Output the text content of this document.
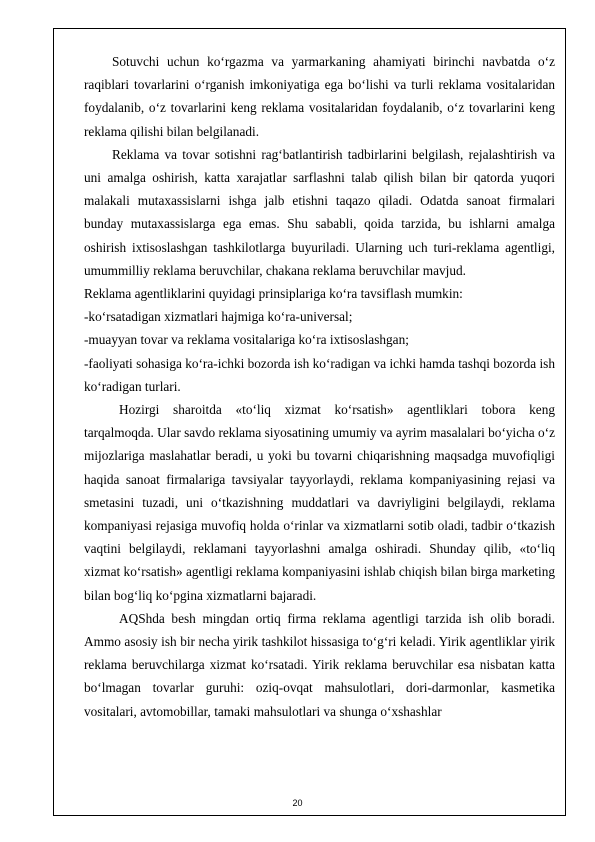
Sotuvchi uchun ko‘rgazma va yarmarkaning ahamiyati birinchi navbatda o‘z raqiblari tovarlarini o‘rganish imkoniyatiga ega bo‘lishi va turli reklama vositalaridan foydalanib, o‘z tovarlarini keng reklama vositalaridan foydalanib, o‘z tovarlarini keng reklama qilishi bilan belgilanadi.

Reklama va tovar sotishni rag‘batlantirish tadbirlarini belgilash, rejalashtirish va uni amalga oshirish, katta xarajatlar sarflashni talab qilish bilan bir qatorda yuqori malakali mutaxassislarni ishga jalb etishni taqazo qiladi. Odatda sanoat firmalari bunday mutaxassislarga ega emas. Shu sababli, qoida tarzida, bu ishlarni amalga oshirish ixtisoslashgan tashkilotlarga buyuriladi. Ularning uch turi-reklama agentligi, umummilliy reklama beruvchilar, chakana reklama beruvchilar mavjud.

Reklama agentliklarini quyidagi prinsiplariga ko‘ra tavsiflash mumkin:

-ko‘rsatadigan xizmatlari hajmiga ko‘ra-universal;

-muayyan tovar va reklama vositalariga ko‘ra ixtisoslashgan;

-faoliyati sohasiga ko‘ra-ichki bozorda ish ko‘radigan va ichki hamda tashqi bozorda ish ko‘radigan turlari.

Hozirgi sharoitda «to‘liq xizmat ko‘rsatish» agentliklari tobora keng tarqalmoqda. Ular savdo reklama siyosatining umumiy va ayrim masalalari bo‘yicha o‘z mijozlariga maslahatlar beradi, u yoki bu tovarni chiqarishning maqsadga muvofiqligi haqida sanoat firmalariga tavsiyalar tayyorlaydi, reklama kompaniyasining rejasi va smetasini tuzadi, uni o‘tkazishning muddatlari va davriyligini belgilaydi, reklama kompaniyasi rejasiga muvofiq holda o‘rinlar va xizmatlarni sotib oladi, tadbir o‘tkazish vaqtini belgilaydi, reklamani tayyorlashni amalga oshiradi. Shunday qilib, «to‘liq xizmat ko‘rsatish» agentligi reklama kompaniyasini ishlab chiqish bilan birga marketing bilan bog‘liq ko‘pgina xizmatlarni bajaradi.

AQShda besh mingdan ortiq firma reklama agentligi tarzida ish olib boradi. Ammo asosiy ish bir necha yirik tashkilot hissasiga to‘g‘ri keladi. Yirik agentliklar yirik reklama beruvchilarga xizmat ko‘rsatadi. Yirik reklama beruvchilar esa nisbatan katta bo‘lmagan tovarlar guruhi: oziq-ovqat mahsulotlari, dori-darmonlar, kasmetika vositalari, avtomobillar, tamaki mahsulotlari va shunga o‘xshashlar

20
